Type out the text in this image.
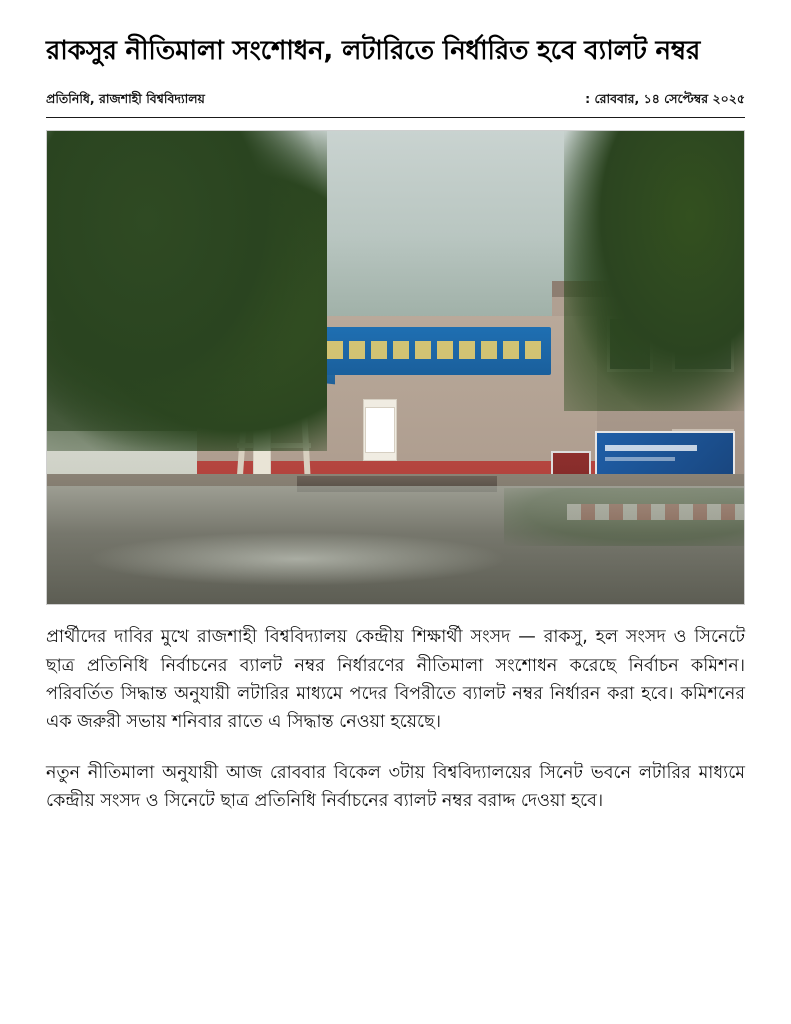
রাকসুর নীতিমালা সংশোধন, লটারিতে নির্ধারিত হবে ব্যালট নম্বর
প্রতিনিধি, রাজশাহী বিশ্ববিদ্যালয়	: রোববার, ১৪ সেপ্টেম্বর ২০২৫

প্রার্থীদের দাবির মুখে রাজশাহী বিশ্ববিদ্যালয় কেন্দ্রীয় শিক্ষার্থী সংসদ — রাকসু, হল সংসদ ও সিনেটে ছাত্র প্রতিনিধি নির্বাচনের ব্যালট নম্বর নির্ধারণের নীতিমালা সংশোধন করেছে নির্বাচন কমিশন। পরিবর্তিত সিদ্ধান্ত অনুযায়ী লটারির মাধ্যমে পদের বিপরীতে ব্যালট নম্বর নির্ধারন করা হবে। কমিশনের এক জরুরী সভায় শনিবার রাতে এ সিদ্ধান্ত নেওয়া হয়েছে।

নতুন নীতিমালা অনুযায়ী আজ রোববার বিকেল ৩টায় বিশ্ববিদ্যালয়ের সিনেট ভবনে লটারির মাধ্যমে কেন্দ্রীয় সংসদ ও সিনেটে ছাত্র প্রতিনিধি নির্বাচনের ব্যালট নম্বর বরাদ্দ দেওয়া হবে।
